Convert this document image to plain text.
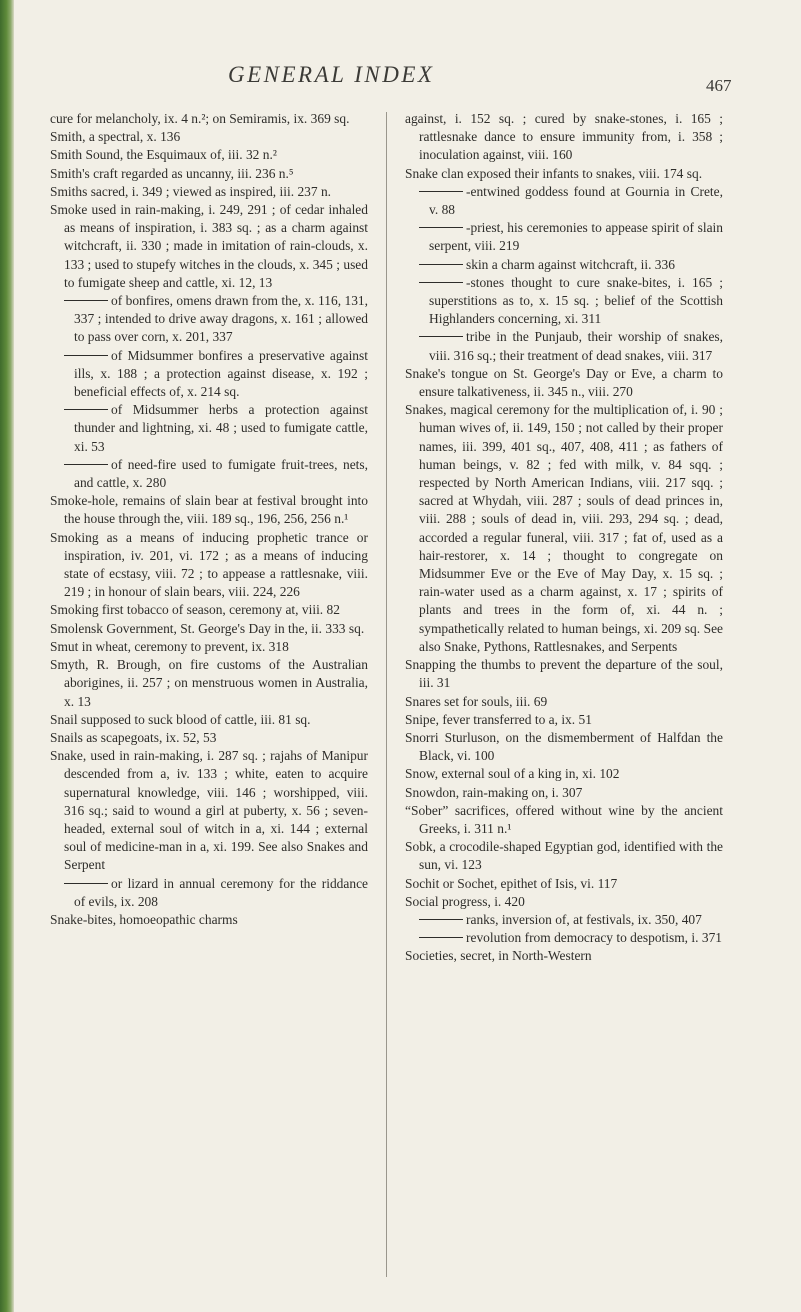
GENERAL INDEX	467

cure for melancholy, ix. 4 n.²; on Semiramis, ix. 369 sq.

Smith, a spectral, x. 136

Smith Sound, the Esquimaux of, iii. 32 n.²

Smith's craft regarded as uncanny, iii. 236 n.⁵

Smiths sacred, i. 349 ; viewed as inspired, iii. 237 n.

Smoke used in rain-making, i. 249, 291 ; of cedar inhaled as means of inspiration, i. 383 sq. ; as a charm against witchcraft, ii. 330 ; made in imitation of rain-clouds, x. 133 ; used to stupefy witches in the clouds, x. 345 ; used to fumigate sheep and cattle, xi. 12, 13

of bonfires, omens drawn from the, x. 116, 131, 337 ; intended to drive away dragons, x. 161 ; allowed to pass over corn, x. 201, 337

of Midsummer bonfires a preservative against ills, x. 188 ; a protection against disease, x. 192 ; beneficial effects of, x. 214 sq.

of Midsummer herbs a protection against thunder and lightning, xi. 48 ; used to fumigate cattle, xi. 53

of need-fire used to fumigate fruit-trees, nets, and cattle, x. 280

Smoke-hole, remains of slain bear at festival brought into the house through the, viii. 189 sq., 196, 256, 256 n.¹

Smoking as a means of inducing prophetic trance or inspiration, iv. 201, vi. 172 ; as a means of inducing state of ecstasy, viii. 72 ; to appease a rattlesnake, viii. 219 ; in honour of slain bears, viii. 224, 226

Smoking first tobacco of season, ceremony at, viii. 82

Smolensk Government, St. George's Day in the, ii. 333 sq.

Smut in wheat, ceremony to prevent, ix. 318

Smyth, R. Brough, on fire customs of the Australian aborigines, ii. 257 ; on menstruous women in Australia, x. 13

Snail supposed to suck blood of cattle, iii. 81 sq.

Snails as scapegoats, ix. 52, 53

Snake, used in rain-making, i. 287 sq. ; rajahs of Manipur descended from a, iv. 133 ; white, eaten to acquire supernatural knowledge, viii. 146 ; worshipped, viii. 316 sq.; said to wound a girl at puberty, x. 56 ; seven-headed, external soul of witch in a, xi. 144 ; external soul of medicine-man in a, xi. 199. See also Snakes and Serpent

or lizard in annual ceremony for the riddance of evils, ix. 208

Snake-bites, homoeopathic charms

against, i. 152 sq. ; cured by snake-stones, i. 165 ; rattlesnake dance to ensure immunity from, i. 358 ; inoculation against, viii. 160

Snake clan exposed their infants to snakes, viii. 174 sq.

-entwined goddess found at Gournia in Crete, v. 88

-priest, his ceremonies to appease spirit of slain serpent, viii. 219

skin a charm against witchcraft, ii. 336

-stones thought to cure snake-bites, i. 165 ; superstitions as to, x. 15 sq. ; belief of the Scottish Highlanders concerning, xi. 311

tribe in the Punjaub, their worship of snakes, viii. 316 sq.; their treatment of dead snakes, viii. 317

Snake's tongue on St. George's Day or Eve, a charm to ensure talkativeness, ii. 345 n., viii. 270

Snakes, magical ceremony for the multiplication of, i. 90 ; human wives of, ii. 149, 150 ; not called by their proper names, iii. 399, 401 sq., 407, 408, 411 ; as fathers of human beings, v. 82 ; fed with milk, v. 84 sqq. ; respected by North American Indians, viii. 217 sqq. ; sacred at Whydah, viii. 287 ; souls of dead princes in, viii. 288 ; souls of dead in, viii. 293, 294 sq. ; dead, accorded a regular funeral, viii. 317 ; fat of, used as a hair-restorer, x. 14 ; thought to congregate on Midsummer Eve or the Eve of May Day, x. 15 sq. ; rain-water used as a charm against, x. 17 ; spirits of plants and trees in the form of, xi. 44 n. ; sympathetically related to human beings, xi. 209 sq. See also Snake, Pythons, Rattlesnakes, and Serpents

Snapping the thumbs to prevent the departure of the soul, iii. 31

Snares set for souls, iii. 69

Snipe, fever transferred to a, ix. 51

Snorri Sturluson, on the dismemberment of Halfdan the Black, vi. 100

Snow, external soul of a king in, xi. 102

Snowdon, rain-making on, i. 307

“Sober” sacrifices, offered without wine by the ancient Greeks, i. 311 n.¹

Sobk, a crocodile-shaped Egyptian god, identified with the sun, vi. 123

Sochit or Sochet, epithet of Isis, vi. 117

Social progress, i. 420

ranks, inversion of, at festivals, ix. 350, 407

revolution from democracy to despotism, i. 371

Societies, secret, in North-Western
